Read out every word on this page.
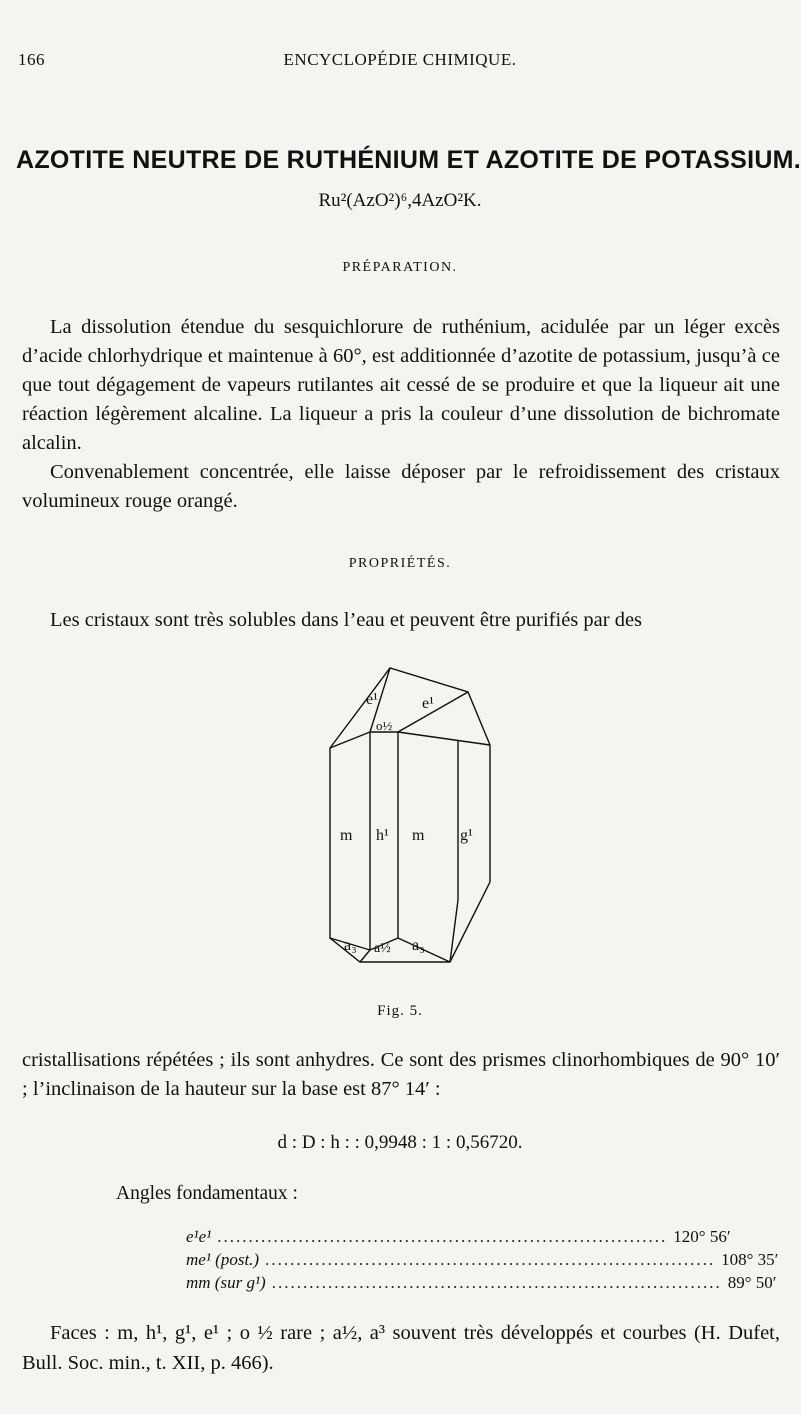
166	ENCYCLOPÉDIE CHIMIQUE.
AZOTITE NEUTRE DE RUTHÉNIUM ET AZOTITE DE POTASSIUM.
Ru²(AzO²)⁶,4AzO²K.
PRÉPARATION.

La dissolution étendue du sesquichlorure de ruthénium, acidulée par un léger excès d’acide chlorhydrique et maintenue à 60°, est additionnée d’azotite de potassium, jusqu’à ce que tout dégagement de vapeurs rutilantes ait cessé de se produire et que la liqueur ait une réaction légèrement alcaline. La liqueur a pris la couleur d’une dissolution de bichromate alcalin.

Convenablement concentrée, elle laisse déposer par le refroidissement des cristaux volumineux rouge orangé.

PROPRIÉTÉS.

Les cristaux sont très solubles dans l’eau et peuvent être purifiés par des

e¹	e¹
o½
m h¹ m g¹
a₃ a½ a₃
Fig. 5.

cristallisations répétées ; ils sont anhydres. Ce sont des prismes clinorhombiques de 90° 10′ ; l’inclinaison de la hauteur sur la base est 87° 14′ :

d : D : h : : 0,9948 : 1 : 0,56720.
Angles fondamentaux :
e¹e¹ ........................................................................ 120° 56′
me¹ (post.) ........................................................................ 108° 35′
mm (sur g¹) ........................................................................ 89° 50′

Faces : m, h¹, g¹, e¹ ; o ½ rare ; a½, a³ souvent très développés et courbes (H. Dufet, Bull. Soc. min., t. XII, p. 466).
